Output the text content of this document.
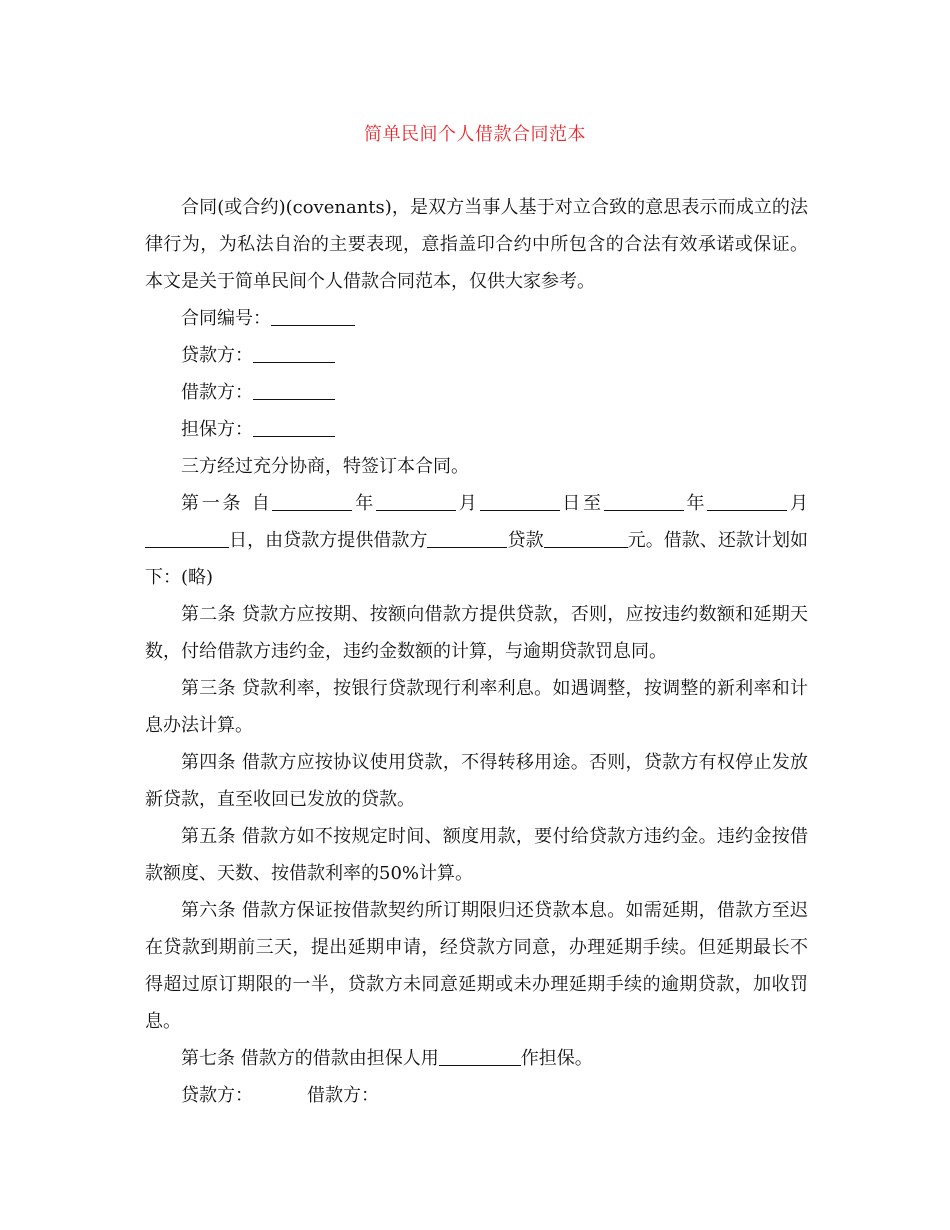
简单民间个人借款合同范本

合同(或合约)(covenants)，是双方当事人基于对立合致的意思表示而成立的法律行为，为私法自治的主要表现，意指盖印合约中所包含的合法有效承诺或保证。本文是关于简单民间个人借款合同范本，仅供大家参考。

合同编号：

贷款方：

借款方：

担保方：

三方经过充分协商，特签订本合同。

第一条 自	年	月	日至	年	月日，由贷款方提供借款方	贷款	元。借款、还款计划如下：(略)

第二条 贷款方应按期、按额向借款方提供贷款，否则，应按违约数额和延期天数，付给借款方违约金，违约金数额的计算，与逾期贷款罚息同。

第三条 贷款利率，按银行贷款现行利率利息。如遇调整，按调整的新利率和计息办法计算。

第四条 借款方应按协议使用贷款，不得转移用途。否则，贷款方有权停止发放新贷款，直至收回已发放的贷款。

第五条 借款方如不按规定时间、额度用款，要付给贷款方违约金。违约金按借款额度、天数、按借款利率的50%计算。

第六条 借款方保证按借款契约所订期限归还贷款本息。如需延期，借款方至迟在贷款到期前三天，提出延期申请，经贷款方同意，办理延期手续。但延期最长不得超过原订期限的一半，贷款方未同意延期或未办理延期手续的逾期贷款，加收罚息。

第七条 借款方的借款由担保人用	作担保。

贷款方：	借款方：
